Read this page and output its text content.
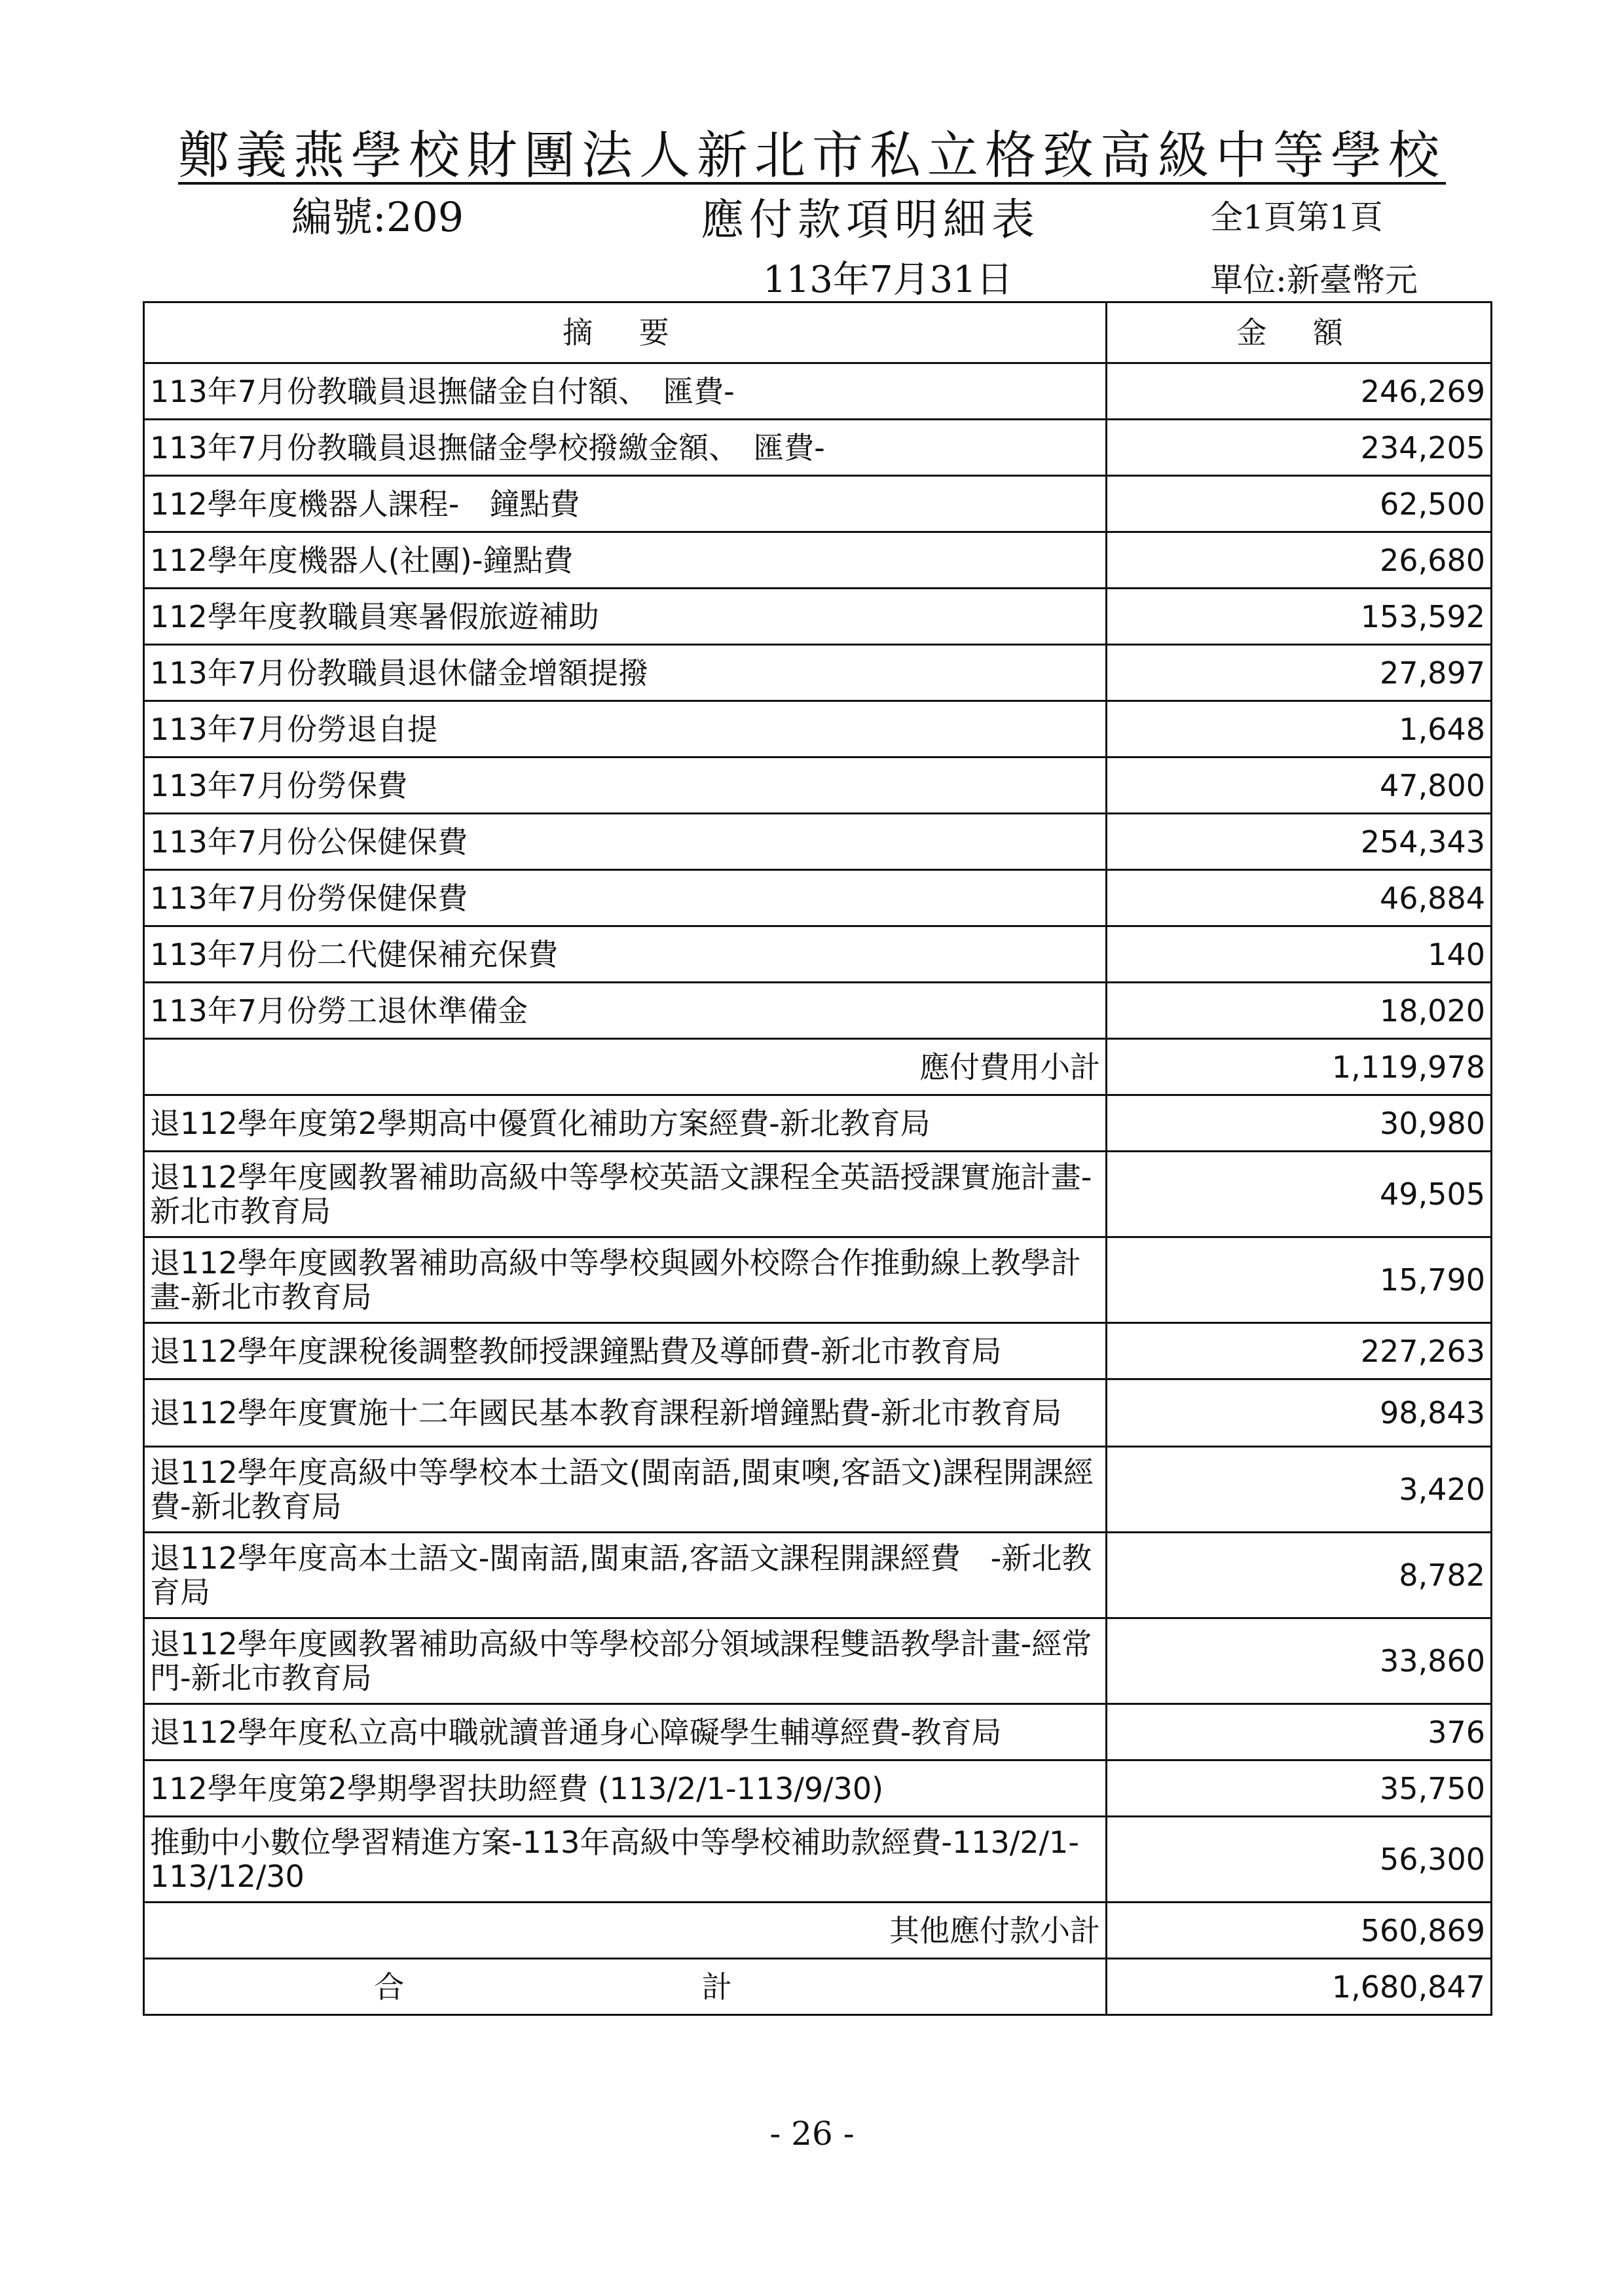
鄭義燕學校財團法人新北市私立格致高級中等學校
編號:209	應付款項明細表	全1頁第1頁
113年7月31日	單位:新臺幣元
摘 要	金 額
113年7月份教職員退撫儲金自付額、　匯費-	246,269
113年7月份教職員退撫儲金學校撥繳金額、　匯費-	234,205
112學年度機器人課程-　鐘點費	62,500
112學年度機器人(社團)-鐘點費	26,680
112學年度教職員寒暑假旅遊補助	153,592
113年7月份教職員退休儲金增額提撥	27,897
113年7月份勞退自提	1,648
113年7月份勞保費	47,800
113年7月份公保健保費	254,343
113年7月份勞保健保費	46,884
113年7月份二代健保補充保費	140
113年7月份勞工退休準備金	18,020
應付費用小計	1,119,978
退112學年度第2學期高中優質化補助方案經費-新北教育局	30,980
退112學年度國教署補助高級中等學校英語文課程全英語授課實施計畫-新北市教育局	49,505
退112學年度國教署補助高級中等學校與國外校際合作推動線上教學計畫-新北市教育局	15,790
退112學年度課稅後調整教師授課鐘點費及導師費-新北市教育局	227,263
退112學年度實施十二年國民基本教育課程新增鐘點費-新北市教育局	98,843
退112學年度高級中等學校本土語文(閩南語,閩東噢,客語文)課程開課經費-新北教育局	3,420
退112學年度高本土語文-閩南語,閩東語,客語文課程開課經費　-新北教育局	8,782
退112學年度國教署補助高級中等學校部分領域課程雙語教學計畫-經常門-新北市教育局	33,860
退112學年度私立高中職就讀普通身心障礙學生輔導經費-教育局	376
112學年度第2學期學習扶助經費 (113/2/1-113/9/30)	35,750
推動中小數位學習精進方案-113年高級中等學校補助款經費-113/2/1-113/12/30	56,300
其他應付款小計	560,869
合 計	1,680,847
- 26 -
